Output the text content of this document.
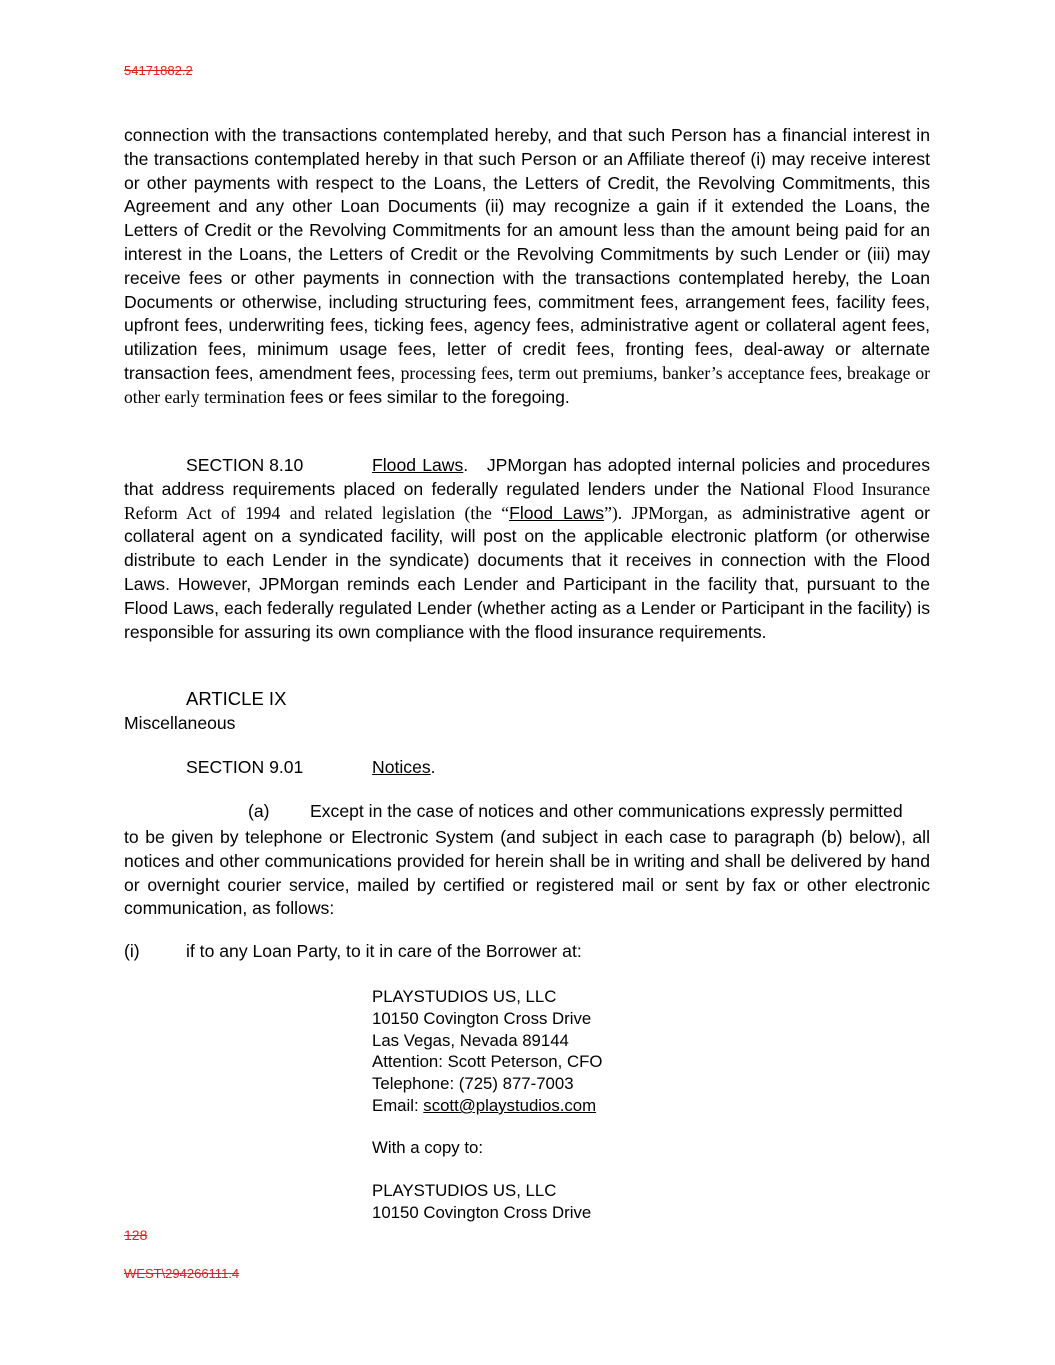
54171882.2
connection with the transactions contemplated hereby, and that such Person has a financial interest in the transactions contemplated hereby in that such Person or an Affiliate thereof (i) may receive interest or other payments with respect to the Loans, the Letters of Credit, the Revolving Commitments, this Agreement and any other Loan Documents (ii) may recognize a gain if it extended the Loans, the Letters of Credit or the Revolving Commitments for an amount less than the amount being paid for an interest in the Loans, the Letters of Credit or the Revolving Commitments by such Lender or (iii) may receive fees or other payments in connection with the transactions contemplated hereby, the Loan Documents or otherwise, including structuring fees, commitment fees, arrangement fees, facility fees, upfront fees, underwriting fees, ticking fees, agency fees, administrative agent or collateral agent fees, utilization fees, minimum usage fees, letter of credit fees, fronting fees, deal-away or alternate transaction fees, amendment fees, processing fees, term out premiums, banker’s acceptance fees, breakage or other early termination fees or fees similar to the foregoing.
SECTION 8.10	Flood Laws.   JPMorgan has adopted internal policies and procedures that address requirements placed on federally regulated lenders under the National Flood Insurance Reform Act of 1994 and related legislation (the “Flood Laws”). JPMorgan, as administrative agent or collateral agent on a syndicated facility, will post on the applicable electronic platform (or otherwise distribute to each Lender in the syndicate) documents that it receives in connection with the Flood Laws. However, JPMorgan reminds each Lender and Participant in the facility that, pursuant to the Flood Laws, each federally regulated Lender (whether acting as a Lender or Participant in the facility) is responsible for assuring its own compliance with the flood insurance requirements.
ARTICLE IX
Miscellaneous
SECTION 9.01	Notices.
(a) Except in the case of notices and other communications expressly permitted
to be given by telephone or Electronic System (and subject in each case to paragraph (b) below), all notices and other communications provided for herein shall be in writing and shall be delivered by hand or overnight courier service, mailed by certified or registered mail or sent by fax or other electronic communication, as follows:
(i)	if to any Loan Party, to it in care of the Borrower at:
PLAYSTUDIOS US, LLC
10150 Covington Cross Drive
Las Vegas, Nevada 89144
Attention: Scott Peterson, CFO
Telephone: (725) 877-7003
Email: scott@playstudios.com
With a copy to:
PLAYSTUDIOS US, LLC
10150 Covington Cross Drive
128
WEST\294266111.4
